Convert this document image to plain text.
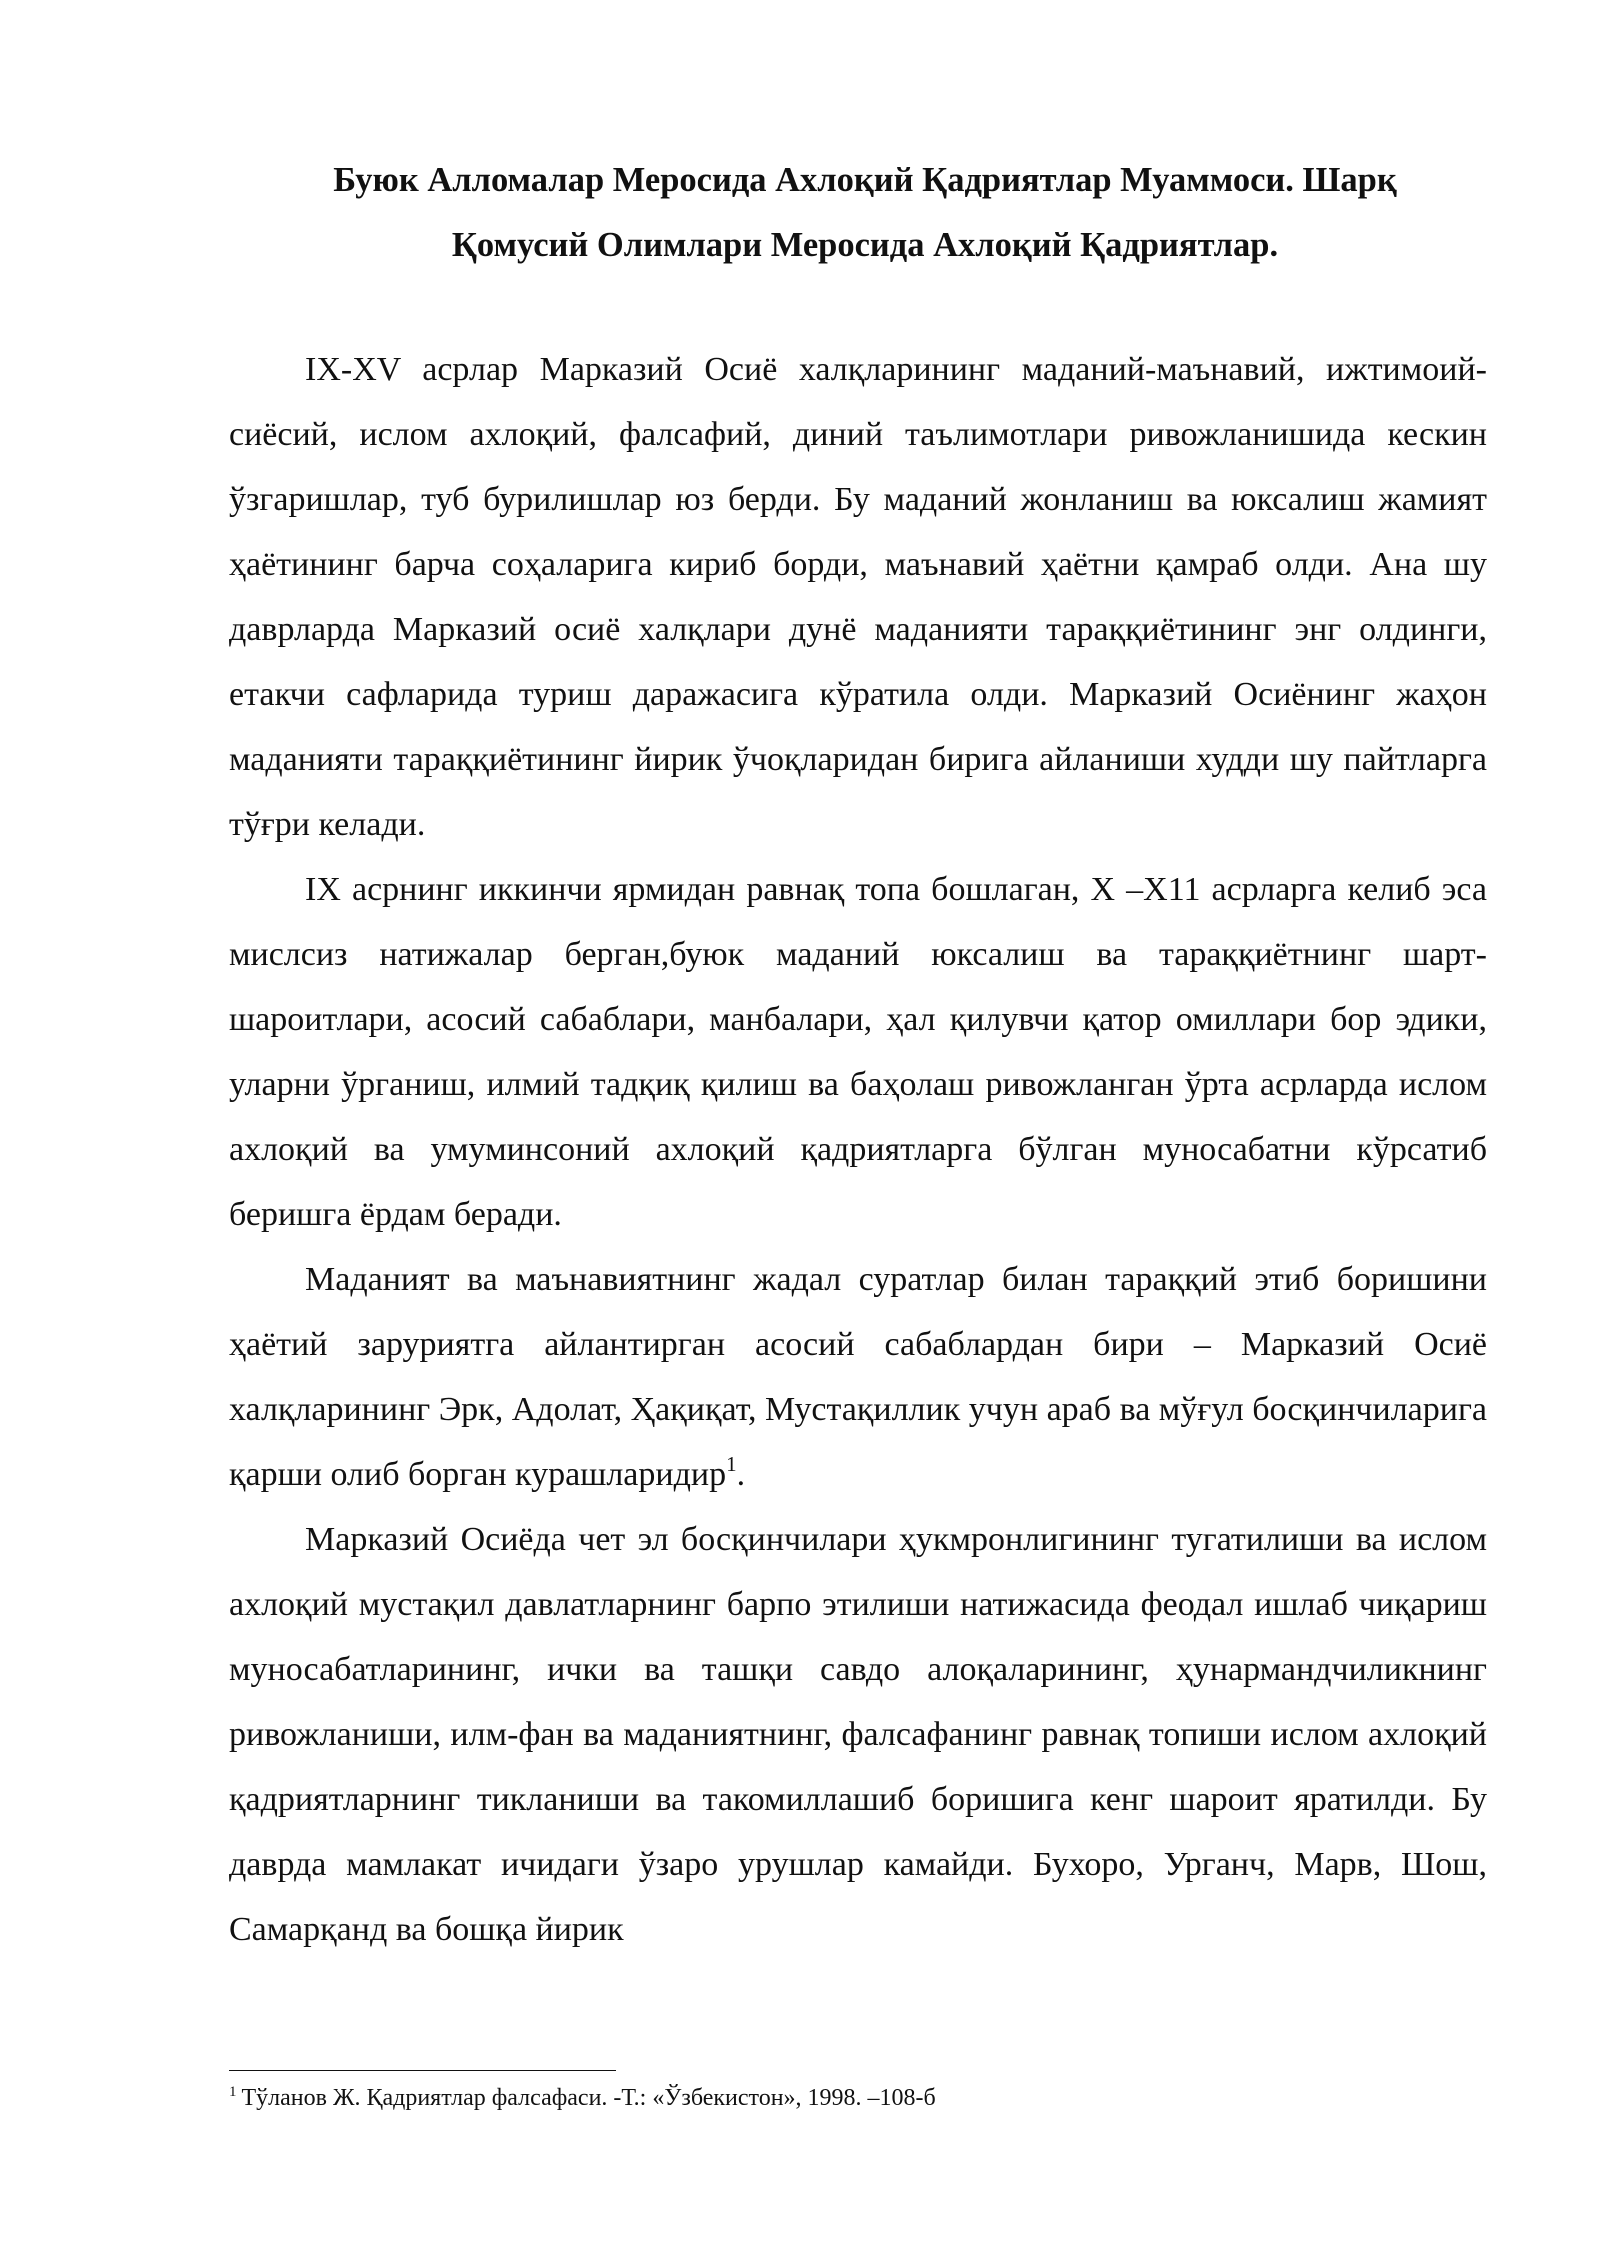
Буюк Алломалар Меросида Ахлоқий Қадриятлар Муаммоси. Шарқ
Қомусий Олимлари Меросида Ахлоқий Қадриятлар.

IX-XV асрлар Марказий Осиё халқларининг маданий-маънавий, ижтимоий-сиёсий, ислом ахлоқий, фалсафий, диний таълимотлари ривожланишида кескин ўзгаришлар, туб бурилишлар юз берди. Бу маданий жонланиш ва юксалиш жамият ҳаётининг барча соҳаларига кириб борди, маънавий ҳаётни қамраб олди. Ана шу даврларда Марказий осиё халқлари дунё маданияти тараққиётининг энг олдинги, етакчи сафларида туриш даражасига кўратила олди. Марказий Осиёнинг жаҳон маданияти тараққиётининг йирик ўчоқларидан бирига айланиши худди шу пайтларга тўғри келади.

IX асрнинг иккинчи ярмидан равнақ топа бошлаган, X –X11 асрларга келиб эса мислсиз натижалар берган,буюк маданий юксалиш ва тараққиётнинг шарт-шароитлари, асосий сабаблари, манбалари, ҳал қилувчи қатор омиллари бор эдики, уларни ўрганиш, илмий тадқиқ қилиш ва баҳолаш ривожланган ўрта асрларда ислом ахлоқий ва умуминсоний ахлоқий қадриятларга бўлган муносабатни кўрсатиб беришга ёрдам беради.

Маданият ва маънавиятнинг жадал суратлар билан тараққий этиб боришини ҳаётий заруриятга айлантирган асосий сабаблардан бири – Марказий Осиё халқларининг Эрк, Адолат, Ҳақиқат, Мустақиллик учун араб ва мўғул босқинчиларига қарши олиб борган курашларидир$^1$.

Марказий Осиёда чет эл босқинчилари ҳукмронлигининг тугатилиши ва ислом ахлоқий мустақил давлатларнинг барпо этилиши натижасида феодал ишлаб чиқариш муносабатларининг, ички ва ташқи савдо алоқаларининг, ҳунармандчиликнинг ривожланиши, илм-фан ва маданиятнинг, фалсафанинг равнақ топиши ислом ахлоқий қадриятларнинг тикланиши ва такомиллашиб боришига кенг шароит яратилди. Бу даврда мамлакат ичидаги ўзаро урушлар камайди. Бухоро, Урганч, Марв, Шош, Самарқанд ва бошқа йирик

$^1$ Тўланов Ж. Қадриятлар фалсафаси. -Т.: «Ўзбекистон», 1998. –108-б
